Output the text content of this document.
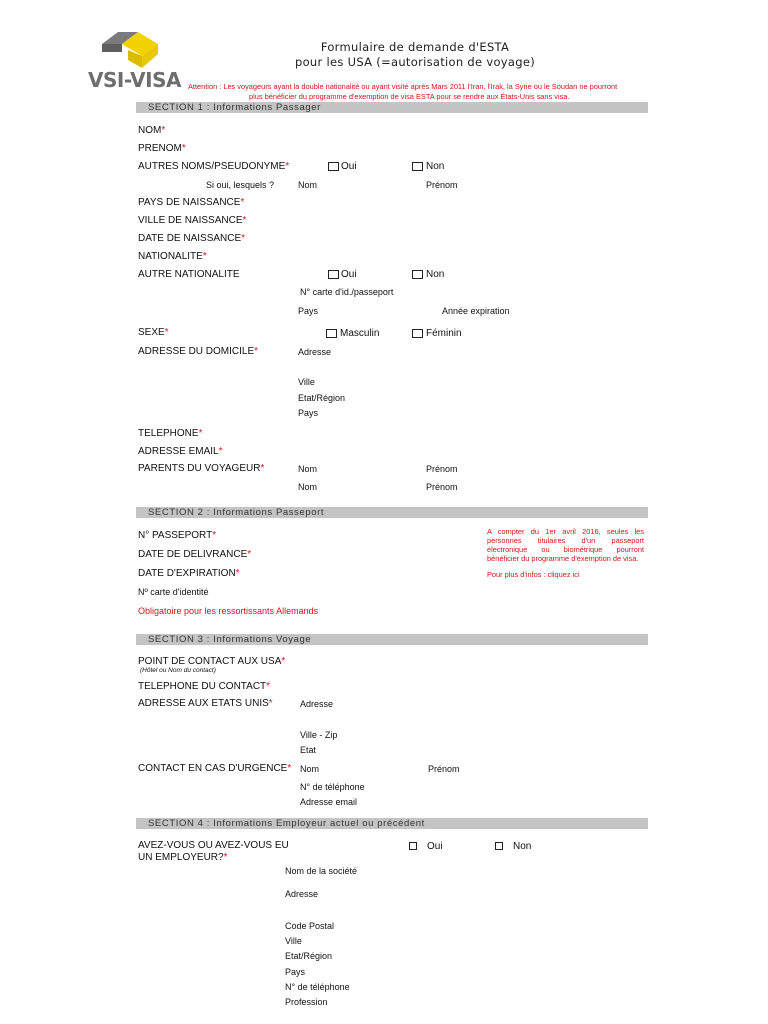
VSI-VISA
Formulaire de demande d'ESTA
pour les USA (=autorisation de voyage)
Attention : Les voyageurs ayant la double nationalité ou ayant visité après Mars 2011 l'Iran, l'Irak, la Syrie ou le Soudan ne pourront
plus bénéficier du programme d'exemption de visa ESTA pour se rendre aux États-Unis sans visa.
SECTION 1 : Informations Passager
NOM*
PRENOM*
AUTRES NOMS/PSEUDONYME*	Oui	Non
Si oui, lesquels ?	Nom	Prénom
PAYS DE NAISSANCE*
VILLE DE NAISSANCE*
DATE DE NAISSANCE*
NATIONALITE*
AUTRE NATIONALITE	Oui	Non
N° carte d'id./passeport
Pays	Année expiration
SEXE*	Masculin	Féminin
ADRESSE DU DOMICILE*	Adresse
Ville
Etat/Région
Pays
TELEPHONE*
ADRESSE EMAIL*
PARENTS DU VOYAGEUR*	Nom	Prénom
Nom	Prénom
SECTION 2 : Informations Passeport
N° PASSEPORT*
DATE DE DELIVRANCE*
DATE D'EXPIRATION*
Nº carte d'identité
Obligatoire pour les ressortissants Allemands
A compter du 1er avril 2016, seules les
personnes titulaires d'un passeport
électronique ou biométrique pourront
bénéficier du programme d'exemption de visa.
Pour plus d'infos : cliquez ici
SECTION 3 : Informations Voyage
POINT DE CONTACT AUX USA*
(Hôtel ou Nom du contact)
TELEPHONE DU CONTACT*
ADRESSE AUX ETATS UNIS*	Adresse
Ville - Zip
Etat
CONTACT EN CAS D'URGENCE* Nom	Prénom
N° de téléphone
Adresse email
SECTION 4 : Informations Employeur actuel ou précédent
AVEZ-VOUS OU AVEZ-VOUS EU
UN EMPLOYEUR?*
Oui	Non
Nom de la société
Adresse
Code Postal
Ville
Etat/Région
Pays
N° de téléphone
Profession
